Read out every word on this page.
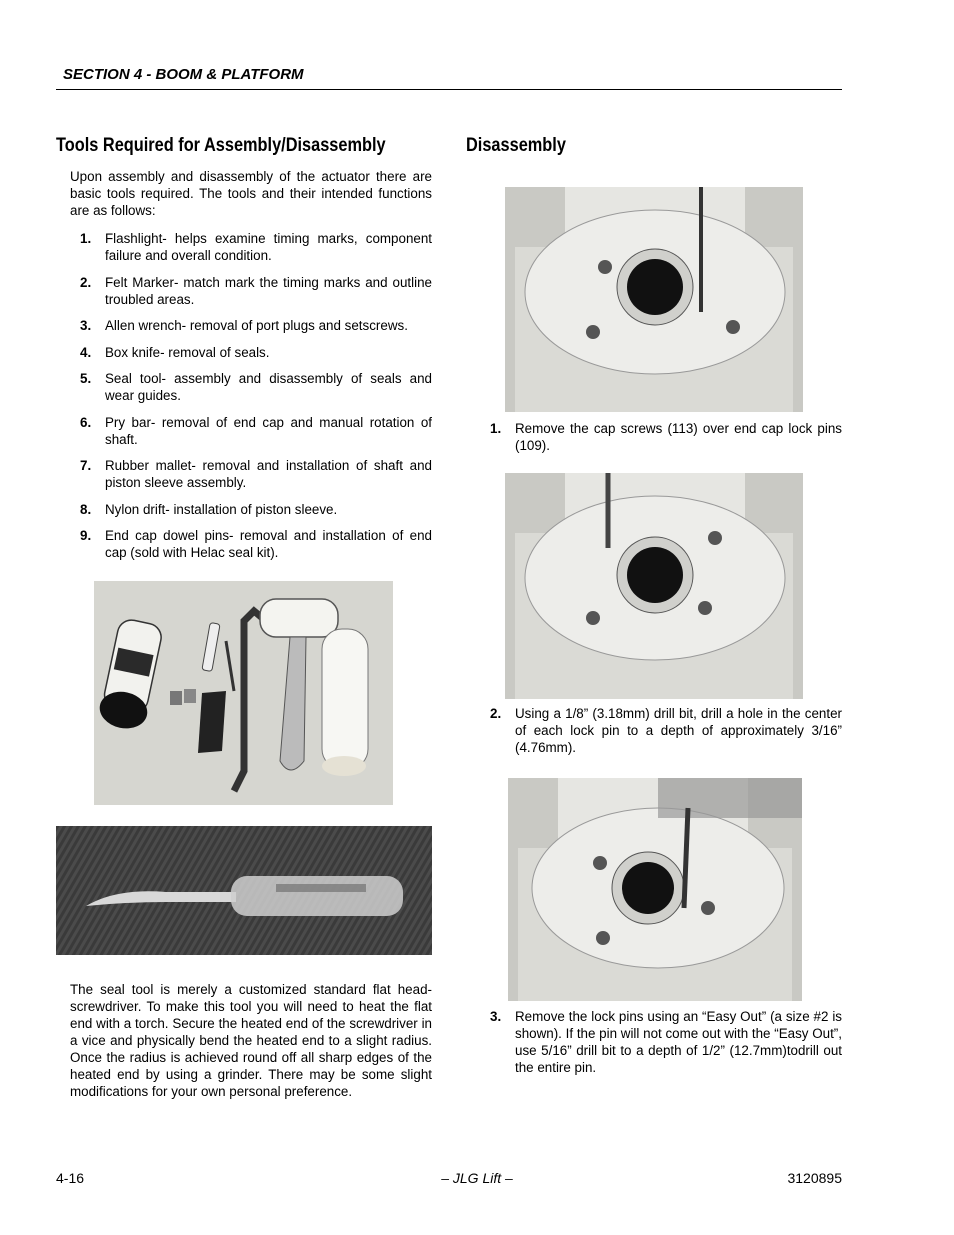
SECTION 4 - BOOM & PLATFORM
Tools Required for Assembly/Disassembly
Upon assembly and disassembly of the actuator there are basic tools required. The tools and their intended functions are as follows:
1. Flashlight- helps examine timing marks, component failure and overall condition.
2. Felt Marker- match mark the timing marks and outline troubled areas.
3. Allen wrench- removal of port plugs and setscrews.
4. Box knife- removal of seals.
5. Seal tool- assembly and disassembly of seals and wear guides.
6. Pry bar- removal of end cap and manual rotation of shaft.
7. Rubber mallet- removal and installation of shaft and piston sleeve assembly.
8. Nylon drift- installation of piston sleeve.
9. End cap dowel pins- removal and installation of end cap (sold with Helac seal kit).
The seal tool is merely a customized standard flat head-screwdriver. To make this tool you will need to heat the flat end with a torch. Secure the heated end of the screwdriver in a vice and physically bend the heated end to a slight radius. Once the radius is achieved round off all sharp edges of the heated end by using a grinder. There may be some slight modifications for your own personal preference.
Disassembly
1. Remove the cap screws (113) over end cap lock pins (109).
2. Using a 1/8” (3.18mm) drill bit, drill a hole in the center of each lock pin to a depth of approximately 3/16” (4.76mm).
3. Remove the lock pins using an “Easy Out” (a size #2 is shown). If the pin will not come out with the “Easy Out”, use 5/16” drill bit to a depth of 1/2” (12.7mm)todrill out the entire pin.
4-16	– JLG Lift –	3120895
